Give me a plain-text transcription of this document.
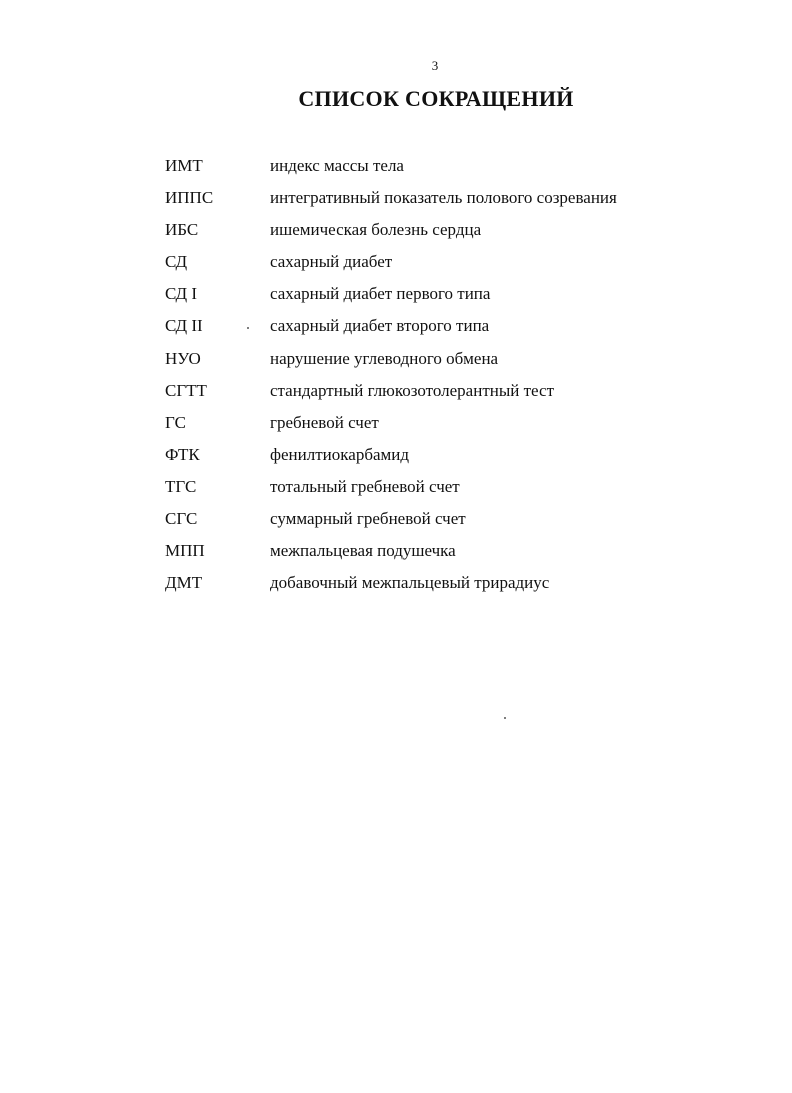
3
СПИСОК СОКРАЩЕНИЙ
ИМТ	индекс массы тела
ИППС	интегративный показатель полового созревания
ИБС	ишемическая болезнь сердца
СД	сахарный диабет
СД I	сахарный диабет первого типа
СД II	сахарный диабет второго типа
НУО	нарушение углеводного обмена
СГТТ	стандартный глюкозотолерантный тест
ГС	гребневой счет
ФТК	фенилтиокарбамид
ТГС	тотальный гребневой счет
СГС	суммарный гребневой счет
МПП	межпальцевая подушечка
ДМТ	добавочный межпальцевый трирадиус
